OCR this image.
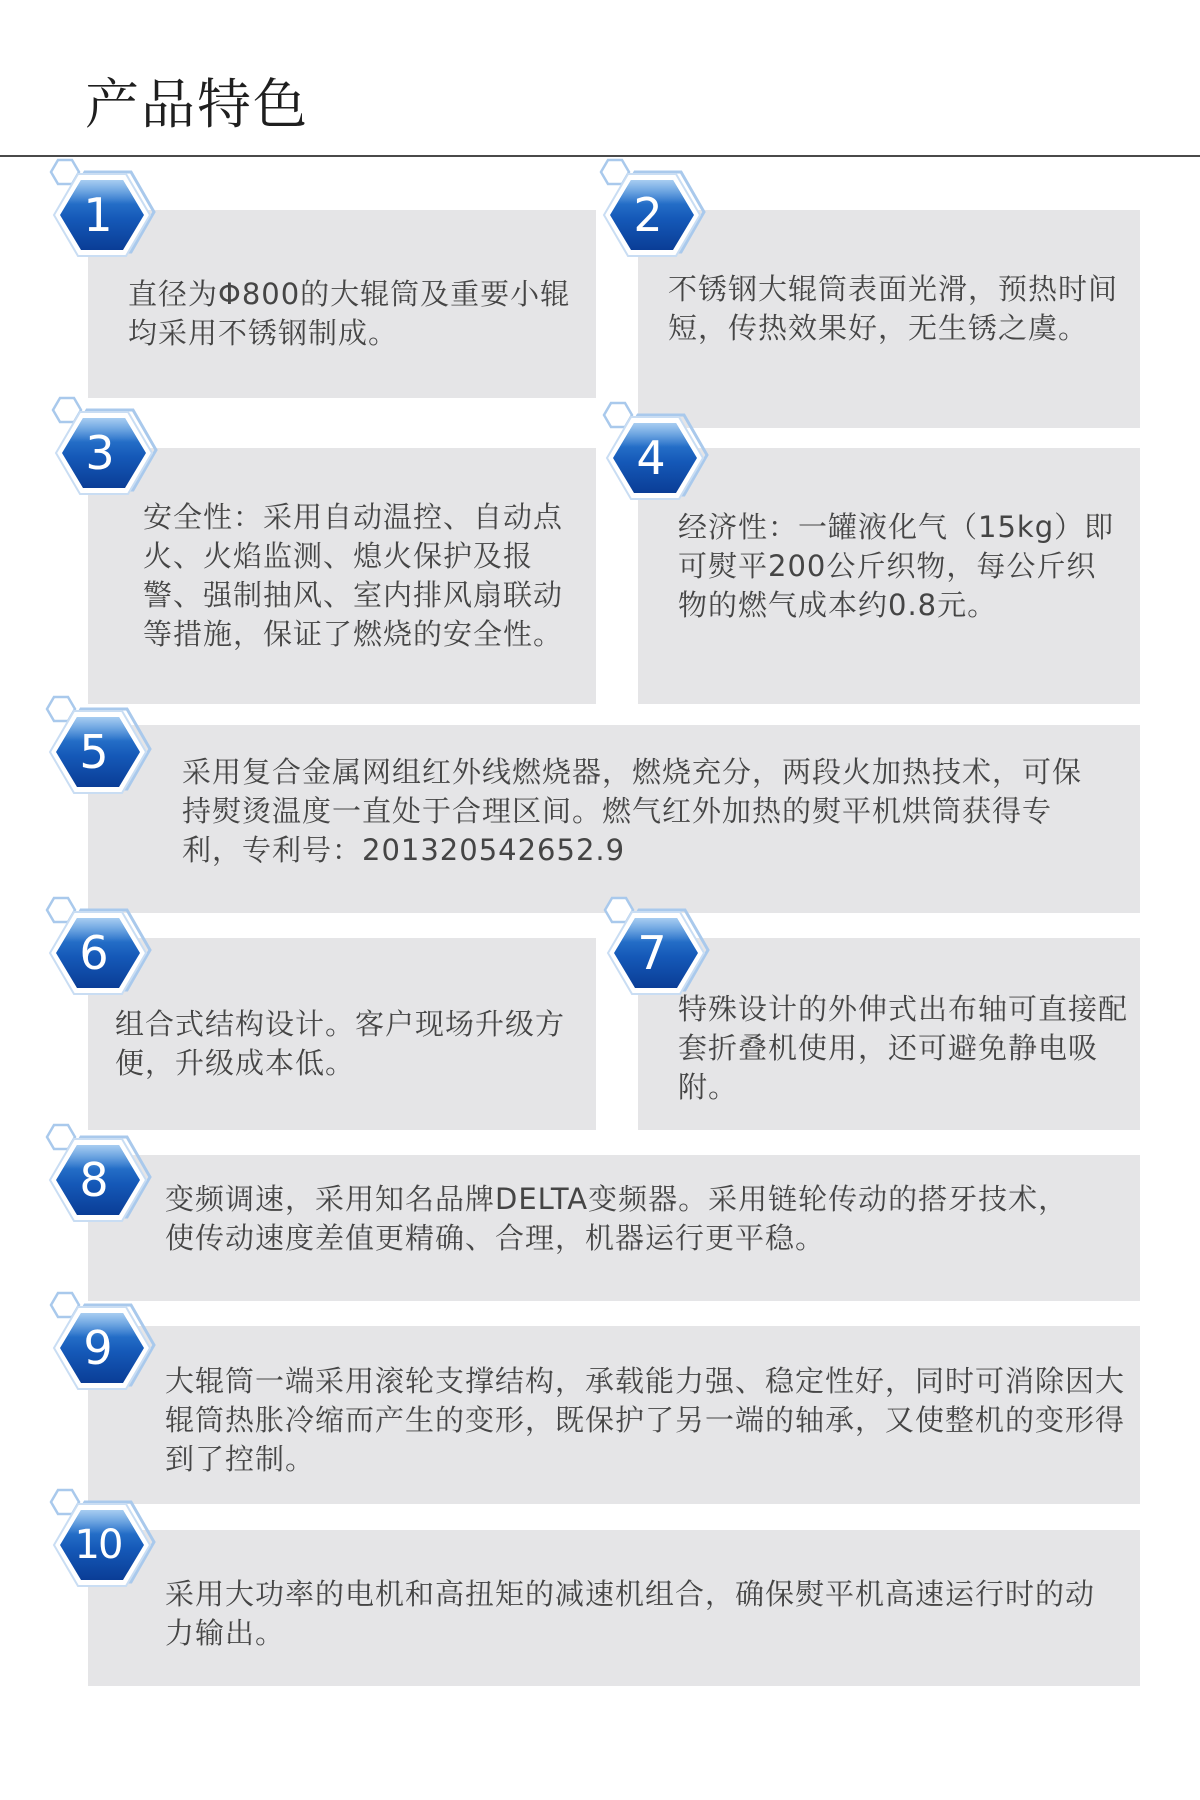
产品特色
直径为Φ800的大辊筒及重要小辊均采用不锈钢制成。
1
不锈钢大辊筒表面光滑，预热时间短，传热效果好，无生锈之虞。
2
安全性：采用自动温控、自动点火、火焰监测、熄火保护及报警、强制抽风、室内排风扇联动等措施，保证了燃烧的安全性。
3
经济性：一罐液化气（15kg）即可熨平200公斤织物，每公斤织物的燃气成本约0.8元。
4
采用复合金属网组红外线燃烧器，燃烧充分，两段火加热技术，可保持熨烫温度一直处于合理区间。燃气红外加热的熨平机烘筒获得专利，专利号：201320542652.9
5
组合式结构设计。客户现场升级方便，升级成本低。
6
特殊设计的外伸式出布轴可直接配套折叠机使用，还可避免静电吸附。
7
变频调速，采用知名品牌DELTA变频器。采用链轮传动的搭牙技术，使传动速度差值更精确、合理，机器运行更平稳。
8
大辊筒一端采用滚轮支撑结构，承载能力强、稳定性好，同时可消除因大辊筒热胀冷缩而产生的变形，既保护了另一端的轴承，又使整机的变形得到了控制。
9
采用大功率的电机和高扭矩的减速机组合，确保熨平机高速运行时的动力输出。
10
